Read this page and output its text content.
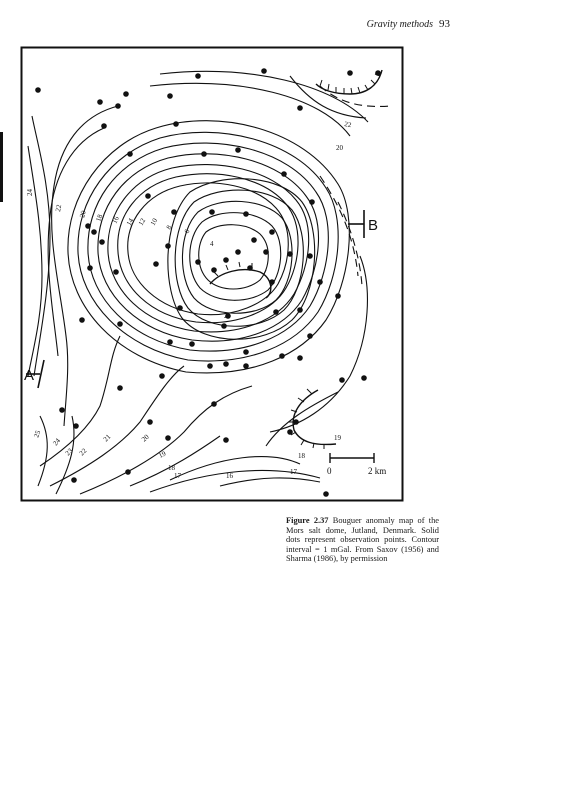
Gravity methods 93
A
B
0	2 km
22
20
24
22
20 18 16 14 12 10
8
6
4
2
25
24
23 22
21	20
19
18
17	16
18
17
19
Figure 2.37 Bouguer anomaly map of the Mors salt dome, Jutland, Denmark. Solid dots represent observation points. Contour interval = 1 mGal. From Saxov (1956) and Sharma (1986), by permission
